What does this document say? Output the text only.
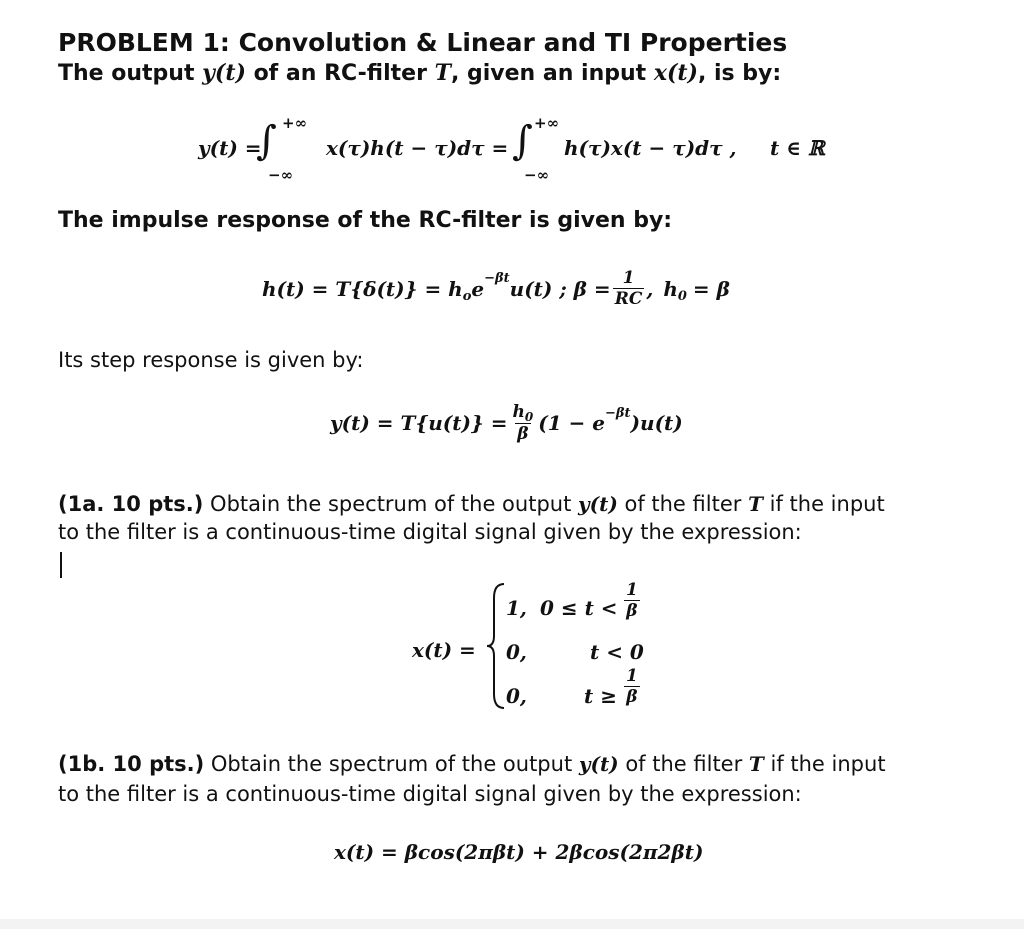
PROBLEM 1: Convolution & Linear and TI Properties
The output y(t) of an RC-filter T, given an input x(t), is by:
y(t) =
∫ +∞
−∞
x(τ)h(t − τ)dτ = ∫ +∞
−∞
h(τ)x(t − τ)dτ , t ∈ ℝ
The impulse response of the RC-filter is given by:
h(t) = T{δ(t)} = h o e −βt u(t) ; $\beta = \frac{1}{RC}$ , h 0 = β
Its step response is given by:
$y(t) = T\{u(t)\} = \frac{h_0}{\beta} (1 - e -\beta t$ )u(t)
(1a. 10 pts.) Obtain the spectrum of the output y(t) of the filter T if the input
to the filter is a continuous-time digital signal given by the expression:
x(t) =
1, $0 \le t < \frac{1}{\beta}$
0,	t < 0
0,	$t \ge \frac{1}{\beta}$
(1b. 10 pts.) Obtain the spectrum of the output y(t) of the filter T if the input
to the filter is a continuous-time digital signal given by the expression:
x(t) = βcos(2πβt) + 2βcos(2π2βt)
